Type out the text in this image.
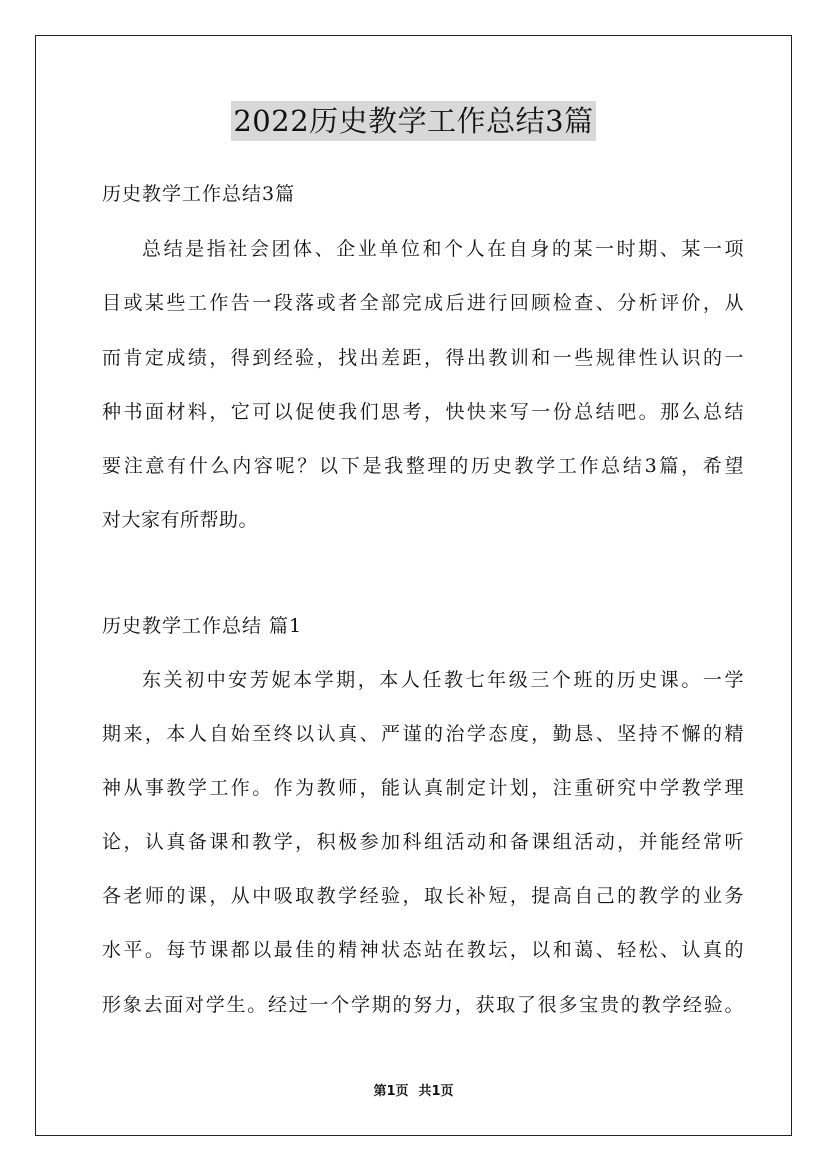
2022历史教学工作总结3篇
历史教学工作总结3篇
总结是指社会团体、企业单位和个人在自身的某一时期、某一项
目或某些工作告一段落或者全部完成后进行回顾检查、分析评价，从
而肯定成绩，得到经验，找出差距，得出教训和一些规律性认识的一
种书面材料，它可以促使我们思考，快快来写一份总结吧。那么总结
要注意有什么内容呢？以下是我整理的历史教学工作总结3篇，希望
对大家有所帮助。
历史教学工作总结 篇1
东关初中安芳妮本学期，本人任教七年级三个班的历史课。一学
期来，本人自始至终以认真、严谨的治学态度，勤恳、坚持不懈的精
神从事教学工作。作为教师，能认真制定计划，注重研究中学教学理
论，认真备课和教学，积极参加科组活动和备课组活动，并能经常听
各老师的课，从中吸取教学经验，取长补短，提高自己的教学的业务
水平。每节课都以最佳的精神状态站在教坛，以和蔼、轻松、认真的
形象去面对学生。经过一个学期的努力，获取了很多宝贵的教学经验。
第1页 共1页
